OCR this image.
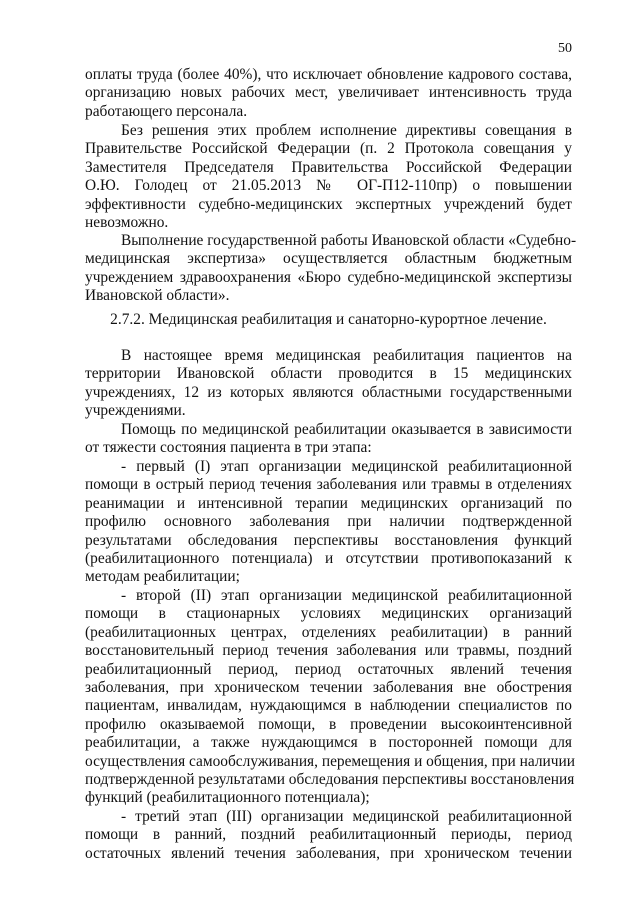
50
оплаты труда (более 40%), что исключает обновление кадрового состава,
организацию новых рабочих мест, увеличивает интенсивность труда
работающего персонала.
Без решения этих проблем исполнение директивы совещания в
Правительстве Российской Федерации (п. 2 Протокола совещания у
Заместителя Председателя Правительства Российской Федерации
О.Ю. Голодец от 21.05.2013 № ОГ-П12-110пр) о повышении
эффективности судебно-медицинских экспертных учреждений будет
невозможно.
Выполнение государственной работы Ивановской области «Судебно-
медицинская экспертиза» осуществляется областным бюджетным
учреждением здравоохранения «Бюро судебно-медицинской экспертизы
Ивановской области».
2.7.2. Медицинская реабилитация и санаторно-курортное лечение.
В настоящее время медицинская реабилитация пациентов на
территории Ивановской области проводится в 15 медицинских
учреждениях, 12 из которых являются областными государственными
учреждениями.
Помощь по медицинской реабилитации оказывается в зависимости
от тяжести состояния пациента в три этапа:
- первый (I) этап организации медицинской реабилитационной
помощи в острый период течения заболевания или травмы в отделениях
реанимации и интенсивной терапии медицинских организаций по
профилю основного заболевания при наличии подтвержденной
результатами обследования перспективы восстановления функций
(реабилитационного потенциала) и отсутствии противопоказаний к
методам реабилитации;
- второй (II) этап организации медицинской реабилитационной
помощи в стационарных условиях медицинских организаций
(реабилитационных центрах, отделениях реабилитации) в ранний
восстановительный период течения заболевания или травмы, поздний
реабилитационный период, период остаточных явлений течения
заболевания, при хроническом течении заболевания вне обострения
пациентам, инвалидам, нуждающимся в наблюдении специалистов по
профилю оказываемой помощи, в проведении высокоинтенсивной
реабилитации, а также нуждающимся в посторонней помощи для
осуществления самообслуживания, перемещения и общения, при наличии
подтвержденной результатами обследования перспективы восстановления
функций (реабилитационного потенциала);
- третий этап (III) организации медицинской реабилитационной
помощи в ранний, поздний реабилитационный периоды, период
остаточных явлений течения заболевания, при хроническом течении
